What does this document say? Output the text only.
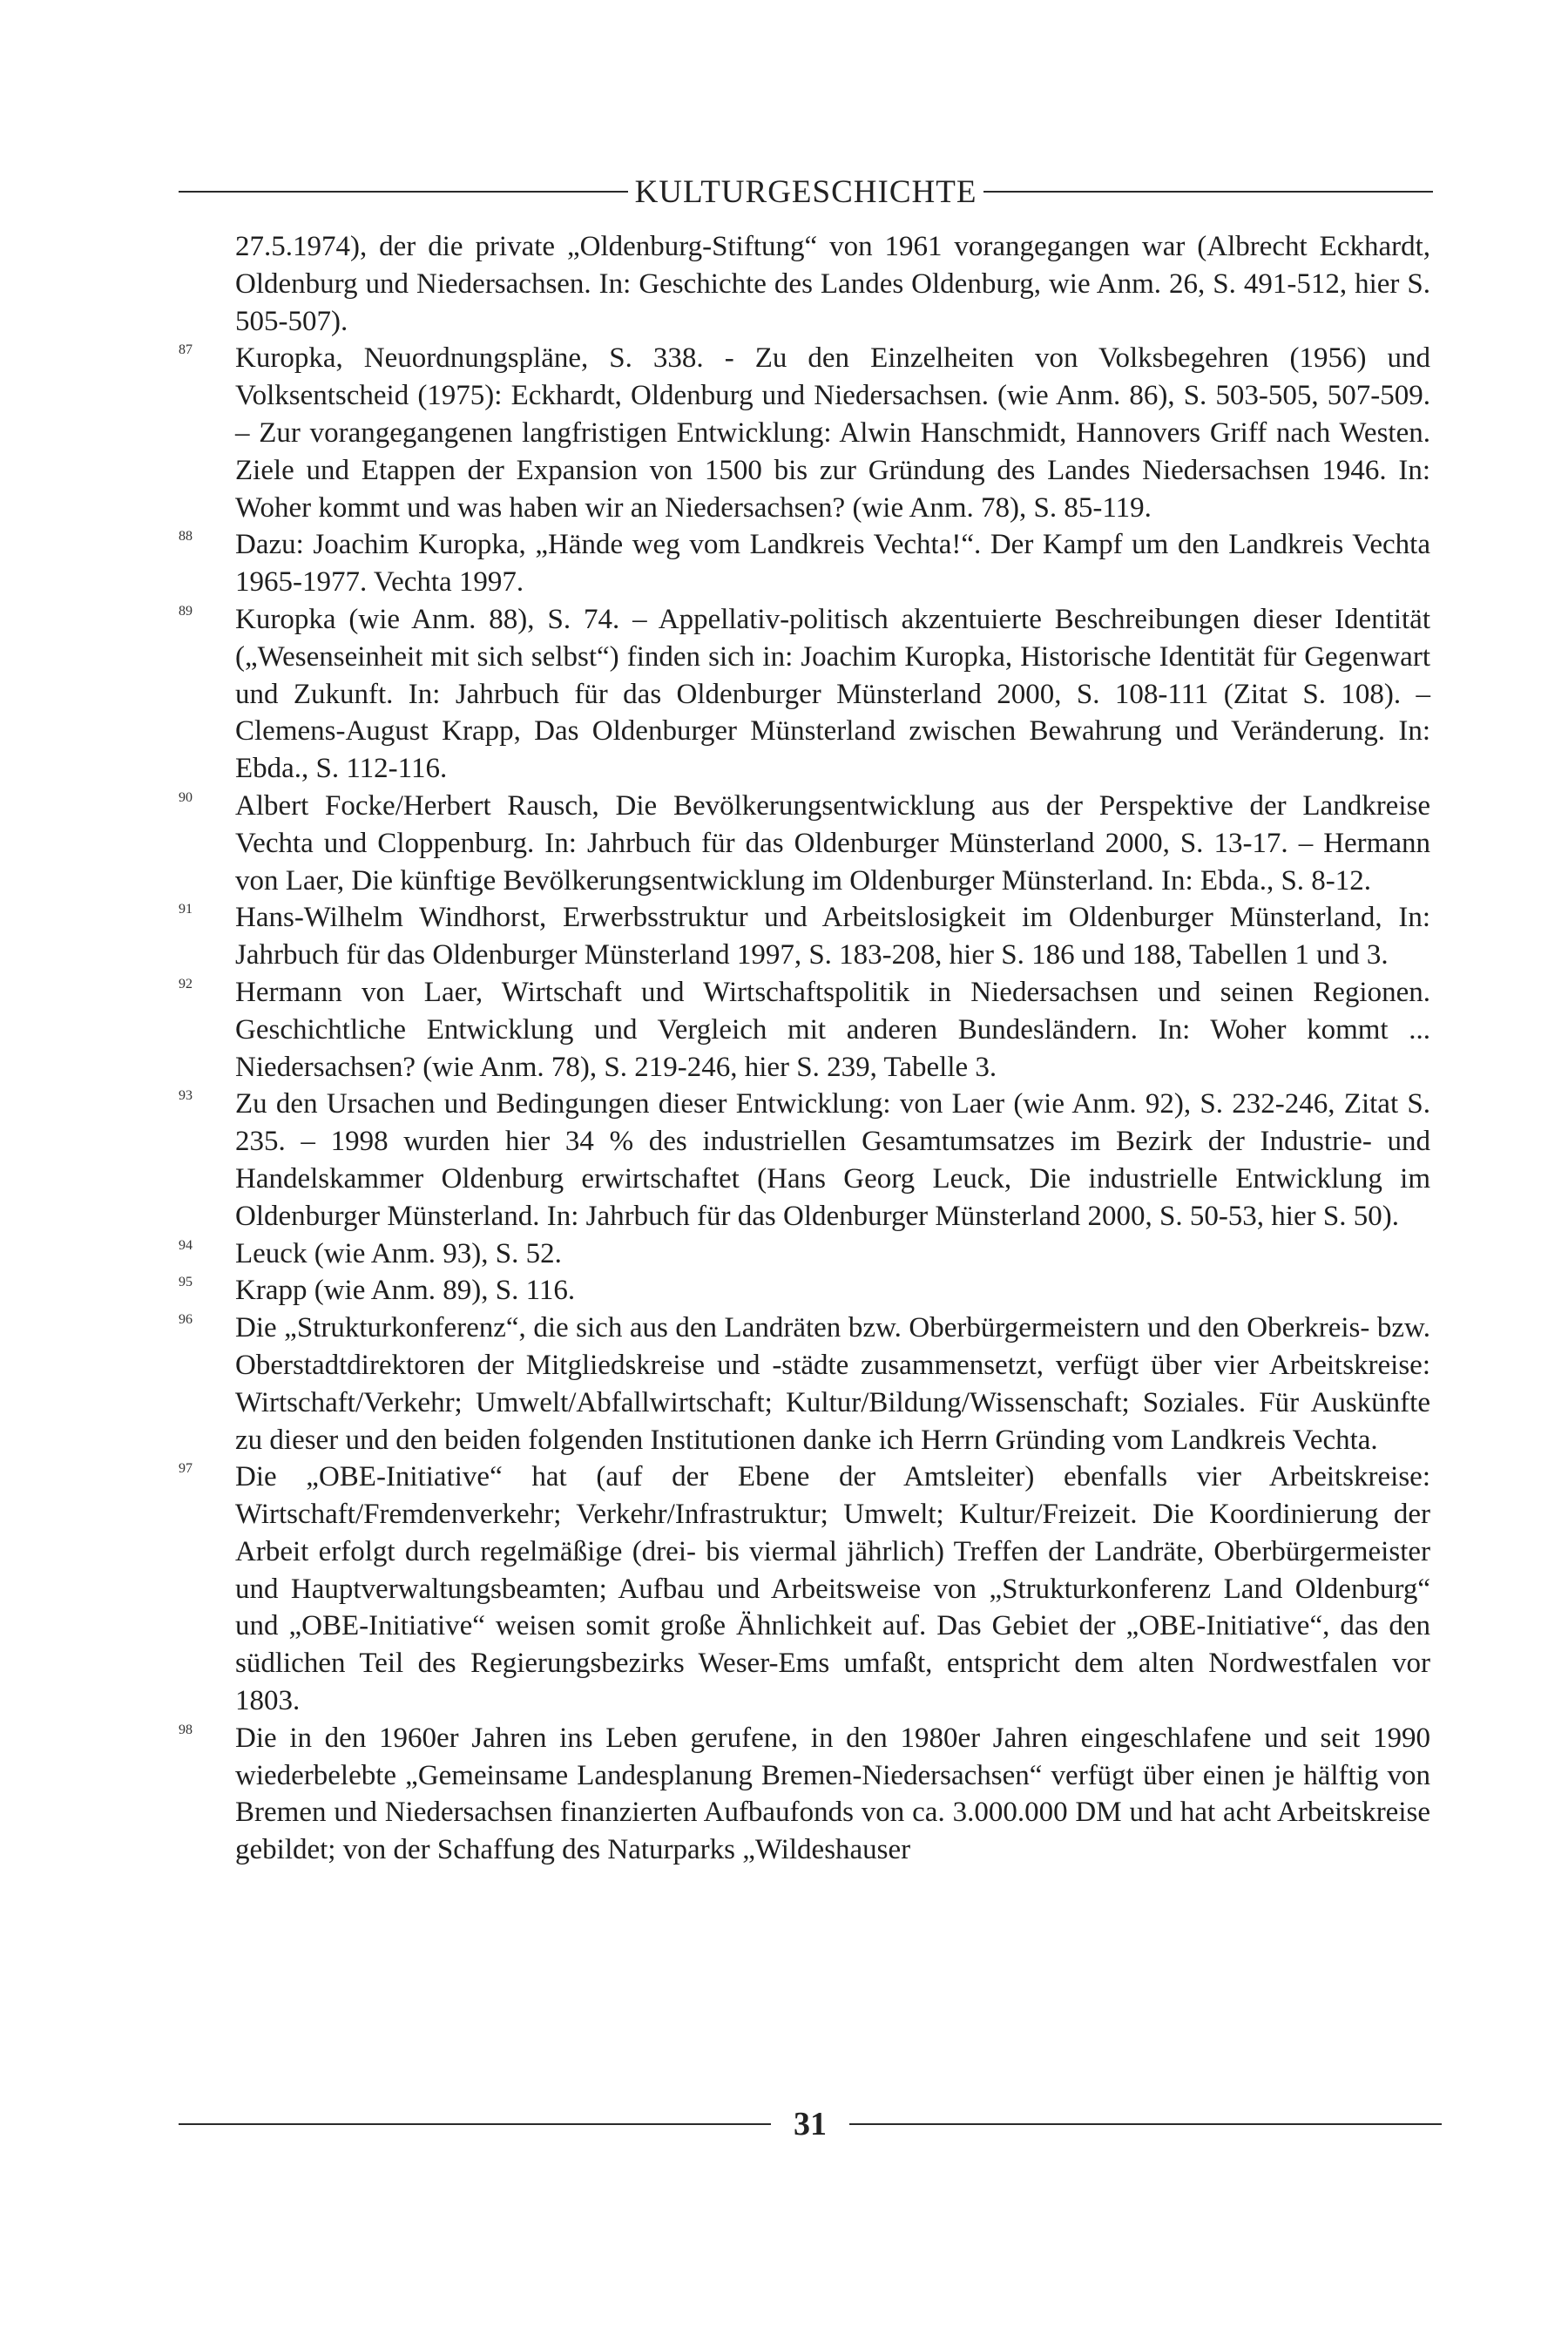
KULTURGESCHICHTE

27.5.1974), der die private „Oldenburg-Stiftung“ von 1961 vorangegangen war (Albrecht Eckhardt, Oldenburg und Niedersachsen. In: Geschichte des Landes Oldenburg, wie Anm. 26, S. 491-512, hier S. 505-507).

87 Kuropka, Neuordnungspläne, S. 338. - Zu den Einzelheiten von Volksbegehren (1956) und Volksentscheid (1975): Eckhardt, Oldenburg und Niedersachsen. (wie Anm. 86), S. 503-505, 507-509. – Zur vorangegangenen langfristigen Entwicklung: Alwin Hanschmidt, Hannovers Griff nach Westen. Ziele und Etappen der Expansion von 1500 bis zur Gründung des Landes Niedersachsen 1946. In: Woher kommt und was haben wir an Niedersachsen? (wie Anm. 78), S. 85-119.

88 Dazu: Joachim Kuropka, „Hände weg vom Landkreis Vechta!“. Der Kampf um den Landkreis Vechta 1965-1977. Vechta 1997.

89 Kuropka (wie Anm. 88), S. 74. – Appellativ-politisch akzentuierte Beschreibungen dieser Identität („Wesenseinheit mit sich selbst“) finden sich in: Joachim Kuropka, Historische Identität für Gegenwart und Zukunft. In: Jahrbuch für das Oldenburger Münsterland 2000, S. 108-111 (Zitat S. 108). – Clemens-August Krapp, Das Oldenburger Münsterland zwischen Bewahrung und Veränderung. In: Ebda., S. 112-116.

90 Albert Focke/Herbert Rausch, Die Bevölkerungsentwicklung aus der Perspektive der Landkreise Vechta und Cloppenburg. In: Jahrbuch für das Oldenburger Münsterland 2000, S. 13-17. – Hermann von Laer, Die künftige Bevölkerungsentwicklung im Oldenburger Münsterland. In: Ebda., S. 8-12.

91 Hans-Wilhelm Windhorst, Erwerbsstruktur und Arbeitslosigkeit im Oldenburger Münsterland, In: Jahrbuch für das Oldenburger Münsterland 1997, S. 183-208, hier S. 186 und 188, Tabellen 1 und 3.

92 Hermann von Laer, Wirtschaft und Wirtschaftspolitik in Niedersachsen und seinen Regionen. Geschichtliche Entwicklung und Vergleich mit anderen Bundesländern. In: Woher kommt ... Niedersachsen? (wie Anm. 78), S. 219-246, hier S. 239, Tabelle 3.

93 Zu den Ursachen und Bedingungen dieser Entwicklung: von Laer (wie Anm. 92), S. 232-246, Zitat S. 235. – 1998 wurden hier 34 % des industriellen Gesamtumsatzes im Bezirk der Industrie- und Handelskammer Oldenburg erwirtschaftet (Hans Georg Leuck, Die industrielle Entwicklung im Oldenburger Münsterland. In: Jahrbuch für das Oldenburger Münsterland 2000, S. 50-53, hier S. 50).

94 Leuck (wie Anm. 93), S. 52.

95 Krapp (wie Anm. 89), S. 116.

96 Die „Strukturkonferenz“, die sich aus den Landräten bzw. Oberbürgermeistern und den Oberkreis- bzw. Oberstadtdirektoren der Mitgliedskreise und -städte zusammensetzt, verfügt über vier Arbeitskreise: Wirtschaft/Verkehr; Umwelt/Abfallwirtschaft; Kultur/Bildung/Wissenschaft; Soziales. Für Auskünfte zu dieser und den beiden folgenden Institutionen danke ich Herrn Gründing vom Landkreis Vechta.

97 Die „OBE-Initiative“ hat (auf der Ebene der Amtsleiter) ebenfalls vier Arbeitskreise: Wirtschaft/Fremdenverkehr; Verkehr/Infrastruktur; Umwelt; Kultur/Freizeit. Die Koordinierung der Arbeit erfolgt durch regelmäßige (drei- bis viermal jährlich) Treffen der Landräte, Oberbürgermeister und Hauptverwaltungsbeamten; Aufbau und Arbeitsweise von „Strukturkonferenz Land Oldenburg“ und „OBE-Initiative“ weisen somit große Ähnlichkeit auf. Das Gebiet der „OBE-Initiative“, das den südlichen Teil des Regierungsbezirks Weser-Ems umfaßt, entspricht dem alten Nordwestfalen vor 1803.

98 Die in den 1960er Jahren ins Leben gerufene, in den 1980er Jahren eingeschlafene und seit 1990 wiederbelebte „Gemeinsame Landesplanung Bremen-Niedersachsen“ verfügt über einen je hälftig von Bremen und Niedersachsen finanzierten Aufbaufonds von ca. 3.000.000 DM und hat acht Arbeitskreise gebildet; von der Schaffung des Naturparks „Wildeshauser

31
